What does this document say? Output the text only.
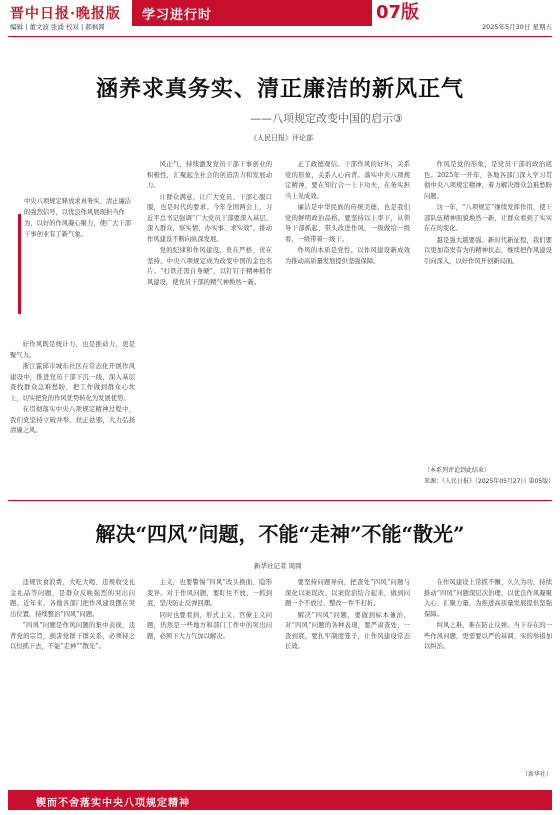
晋中日报·晚报版
编辑 | 董文波 张涌 校对 | 郝枫圆
学习进行时	07版
2025年5月30日 星期五
涵养求真务实、清正廉洁的新风正气
——八项规定改变中国的启示③
《人民日报》评论部
中央八项规定释放求真务实、清正廉洁的强烈信号，以优良作风展现担当作为，以好的作风凝心聚力，使广大干部干事创业有了新气象。

好作风既是统计力，也是推动力，更是聚气力。

浙江霍邱市城东社区在常态化开展作风建设中，推进党员干部下沉一线，深入基层查找群众急难愁盼，把工作做到群众心坎上，切实把党的作风优势转化为发展优势。

在贯彻落实中央八项规定精神过程中，我们党坚持立破并举、扶正祛邪，大力弘扬清廉之风。

风正气，持续激发党员干部干事创业的积极性，汇聚起全社会的创造活力和发展动力。

让群众满意，让广大党员、干部心服口服，也是时代的要求。今年全国两会上，习近平总书记强调“广大党员干部要深入基层、深入群众，察实情、办实事、求实效”，推动作风建设不断向纵深发展。

党的纪律和作风建设，贵在严格、贵在坚持。中央八项规定成为改变中国的金色名片。“打铁还需自身硬”，以钉钉子精神抓作风建设，使党员干部的精气神焕然一新。

正了政德观信。干部作风的好坏，关系党的形象，关系人心向背。落实中央八项规定精神，要在知行合一上下功夫，在务实担当上见成效。

廉洁是中华民族的传统美德，也是我们党的鲜明政治品格。要坚持以上率下，从领导干部抓起，带头改进作风，一级做给一级看，一级带着一级干。

作风的本质是党性。以作风建设新成效为推动高质量发展提供坚强保障。

作风是党的形象，是党员干部的政治底色。2025年一开年，各地各部门深入学习贯彻中央八项规定精神，着力解决群众急难愁盼问题。

这一年，“八项规定”继续发挥作用，使干部队伍精神面貌焕然一新，让群众看到了实实在在的变化。

越是强大越要强。新时代新征程，我们要以更加奋发有为的精神状态，继续把作风建设引向深入，以好作风开创新局面。

（本系列评论到此结束）
来源：《人民日报》（2025年05月27日 第05版）
解决“四风”问题，不能“走神”不能“散光”
新华社记者 周圆

违规饮食浪费、大吃大喝、违规收受礼金礼品等问题，是群众反映强烈的突出问题。近年来，各地各部门把作风建设摆在突出位置，持续整治“四风”问题。

“四风”问题是作风问题的集中表现，违背党的宗旨，损害党群干群关系，必须持之以恒抓下去，不能“走神”“散光”。

主义，也要警惕“四风”改头换面、隐形变异。对于作风问题，要盯住不放、一抓到底，坚决防止反弹回潮。

同时也要看到，形式主义、官僚主义问题，仍然是一些地方和部门工作中的突出问题，必须下大力气加以解决。

要坚持问题导向，把查处“四风”问题与深化以案促改、以案促治结合起来，做到问题一个不放过、整改一件不打折。

解决“四风”问题，要做到标本兼治，对“四风”问题的各种表现，要严肃查处、一查到底，要扎牢制度笼子，让作风建设常态长效。

在作风建设上常抓不懈、久久为功，持续推动“四风”问题深层次治理，以优良作风凝聚人心、汇聚力量，为推进高质量发展提供坚强保障。

纠风之难，难在防止反弹。当下存在的一些作风问题，更需要以严的基调、实的举措加以纠治。

（新华社）
锲而不舍落实中央八项规定精神
